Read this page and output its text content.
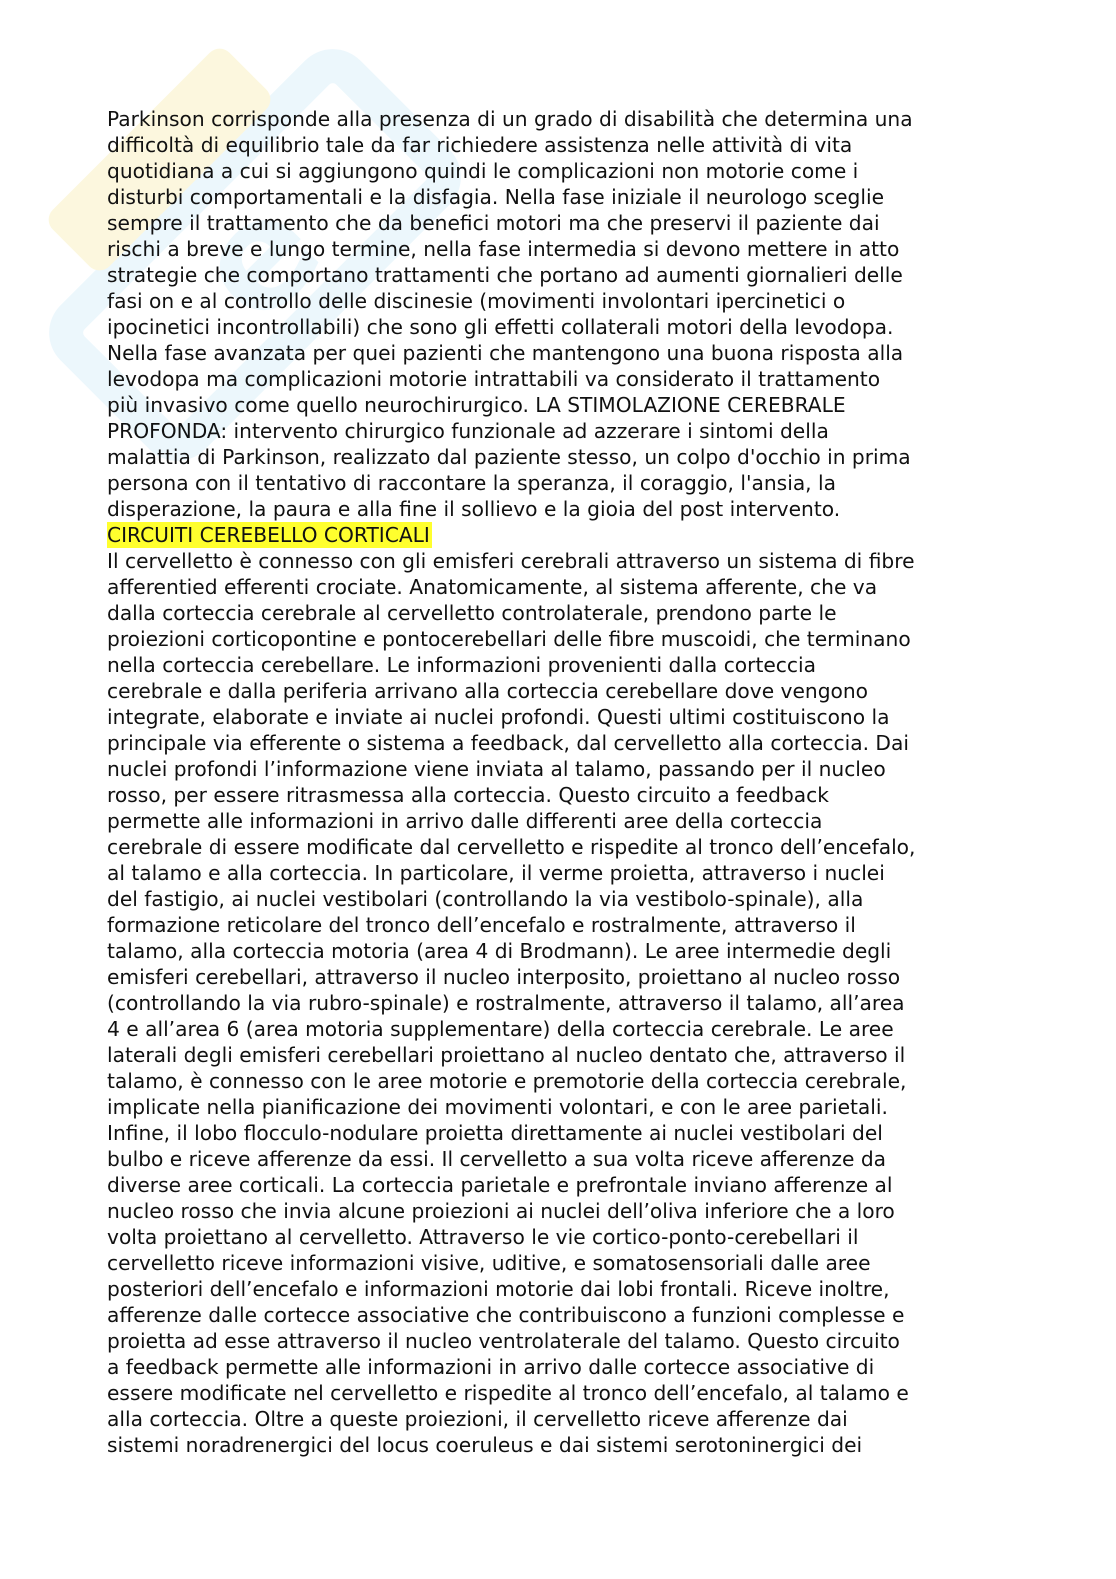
e
Parkinson corrisponde alla presenza di un grado di disabilità che determina una
difficoltà di equilibrio tale da far richiedere assistenza nelle attività di vita
quotidiana a cui si aggiungono quindi le complicazioni non motorie come i
disturbi comportamentali e la disfagia. Nella fase iniziale il neurologo sceglie
sempre il trattamento che da benefici motori ma che preservi il paziente dai
rischi a breve e lungo termine, nella fase intermedia si devono mettere in atto
strategie che comportano trattamenti che portano ad aumenti giornalieri delle
fasi on e al controllo delle discinesie (movimenti involontari ipercinetici o
ipocinetici incontrollabili) che sono gli effetti collaterali motori della levodopa.
Nella fase avanzata per quei pazienti che mantengono una buona risposta alla
levodopa ma complicazioni motorie intrattabili va considerato il trattamento
più invasivo come quello neurochirurgico. LA STIMOLAZIONE CEREBRALE
PROFONDA: intervento chirurgico funzionale ad azzerare i sintomi della
malattia di Parkinson, realizzato dal paziente stesso, un colpo d'occhio in prima
persona con il tentativo di raccontare la speranza, il coraggio, l'ansia, la
disperazione, la paura e alla fine il sollievo e la gioia del post intervento.
CIRCUITI CEREBELLO CORTICALI
Il cervelletto è connesso con gli emisferi cerebrali attraverso un sistema di fibre
afferentied efferenti crociate. Anatomicamente, al sistema afferente, che va
dalla corteccia cerebrale al cervelletto controlaterale, prendono parte le
proiezioni corticopontine e pontocerebellari delle fibre muscoidi, che terminano
nella corteccia cerebellare. Le informazioni provenienti dalla corteccia
cerebrale e dalla periferia arrivano alla corteccia cerebellare dove vengono
integrate, elaborate e inviate ai nuclei profondi. Questi ultimi costituiscono la
principale via efferente o sistema a feedback, dal cervelletto alla corteccia. Dai
nuclei profondi l’informazione viene inviata al talamo, passando per il nucleo
rosso, per essere ritrasmessa alla corteccia. Questo circuito a feedback
permette alle informazioni in arrivo dalle differenti aree della corteccia
cerebrale di essere modificate dal cervelletto e rispedite al tronco dell’encefalo,
al talamo e alla corteccia. In particolare, il verme proietta, attraverso i nuclei
del fastigio, ai nuclei vestibolari (controllando la via vestibolo-spinale), alla
formazione reticolare del tronco dell’encefalo e rostralmente, attraverso il
talamo, alla corteccia motoria (area 4 di Brodmann). Le aree intermedie degli
emisferi cerebellari, attraverso il nucleo interposito, proiettano al nucleo rosso
(controllando la via rubro-spinale) e rostralmente, attraverso il talamo, all’area
4 e all’area 6 (area motoria supplementare) della corteccia cerebrale. Le aree
laterali degli emisferi cerebellari proiettano al nucleo dentato che, attraverso il
talamo, è connesso con le aree motorie e premotorie della corteccia cerebrale,
implicate nella pianificazione dei movimenti volontari, e con le aree parietali.
Infine, il lobo flocculo-nodulare proietta direttamente ai nuclei vestibolari del
bulbo e riceve afferenze da essi. Il cervelletto a sua volta riceve afferenze da
diverse aree corticali. La corteccia parietale e prefrontale inviano afferenze al
nucleo rosso che invia alcune proiezioni ai nuclei dell’oliva inferiore che a loro
volta proiettano al cervelletto. Attraverso le vie cortico-ponto-cerebellari il
cervelletto riceve informazioni visive, uditive, e somatosensoriali dalle aree
posteriori dell’encefalo e informazioni motorie dai lobi frontali. Riceve inoltre,
afferenze dalle cortecce associative che contribuiscono a funzioni complesse e
proietta ad esse attraverso il nucleo ventrolaterale del talamo. Questo circuito
a feedback permette alle informazioni in arrivo dalle cortecce associative di
essere modificate nel cervelletto e rispedite al tronco dell’encefalo, al talamo e
alla corteccia. Oltre a queste proiezioni, il cervelletto riceve afferenze dai
sistemi noradrenergici del locus coeruleus e dai sistemi serotoninergici dei
